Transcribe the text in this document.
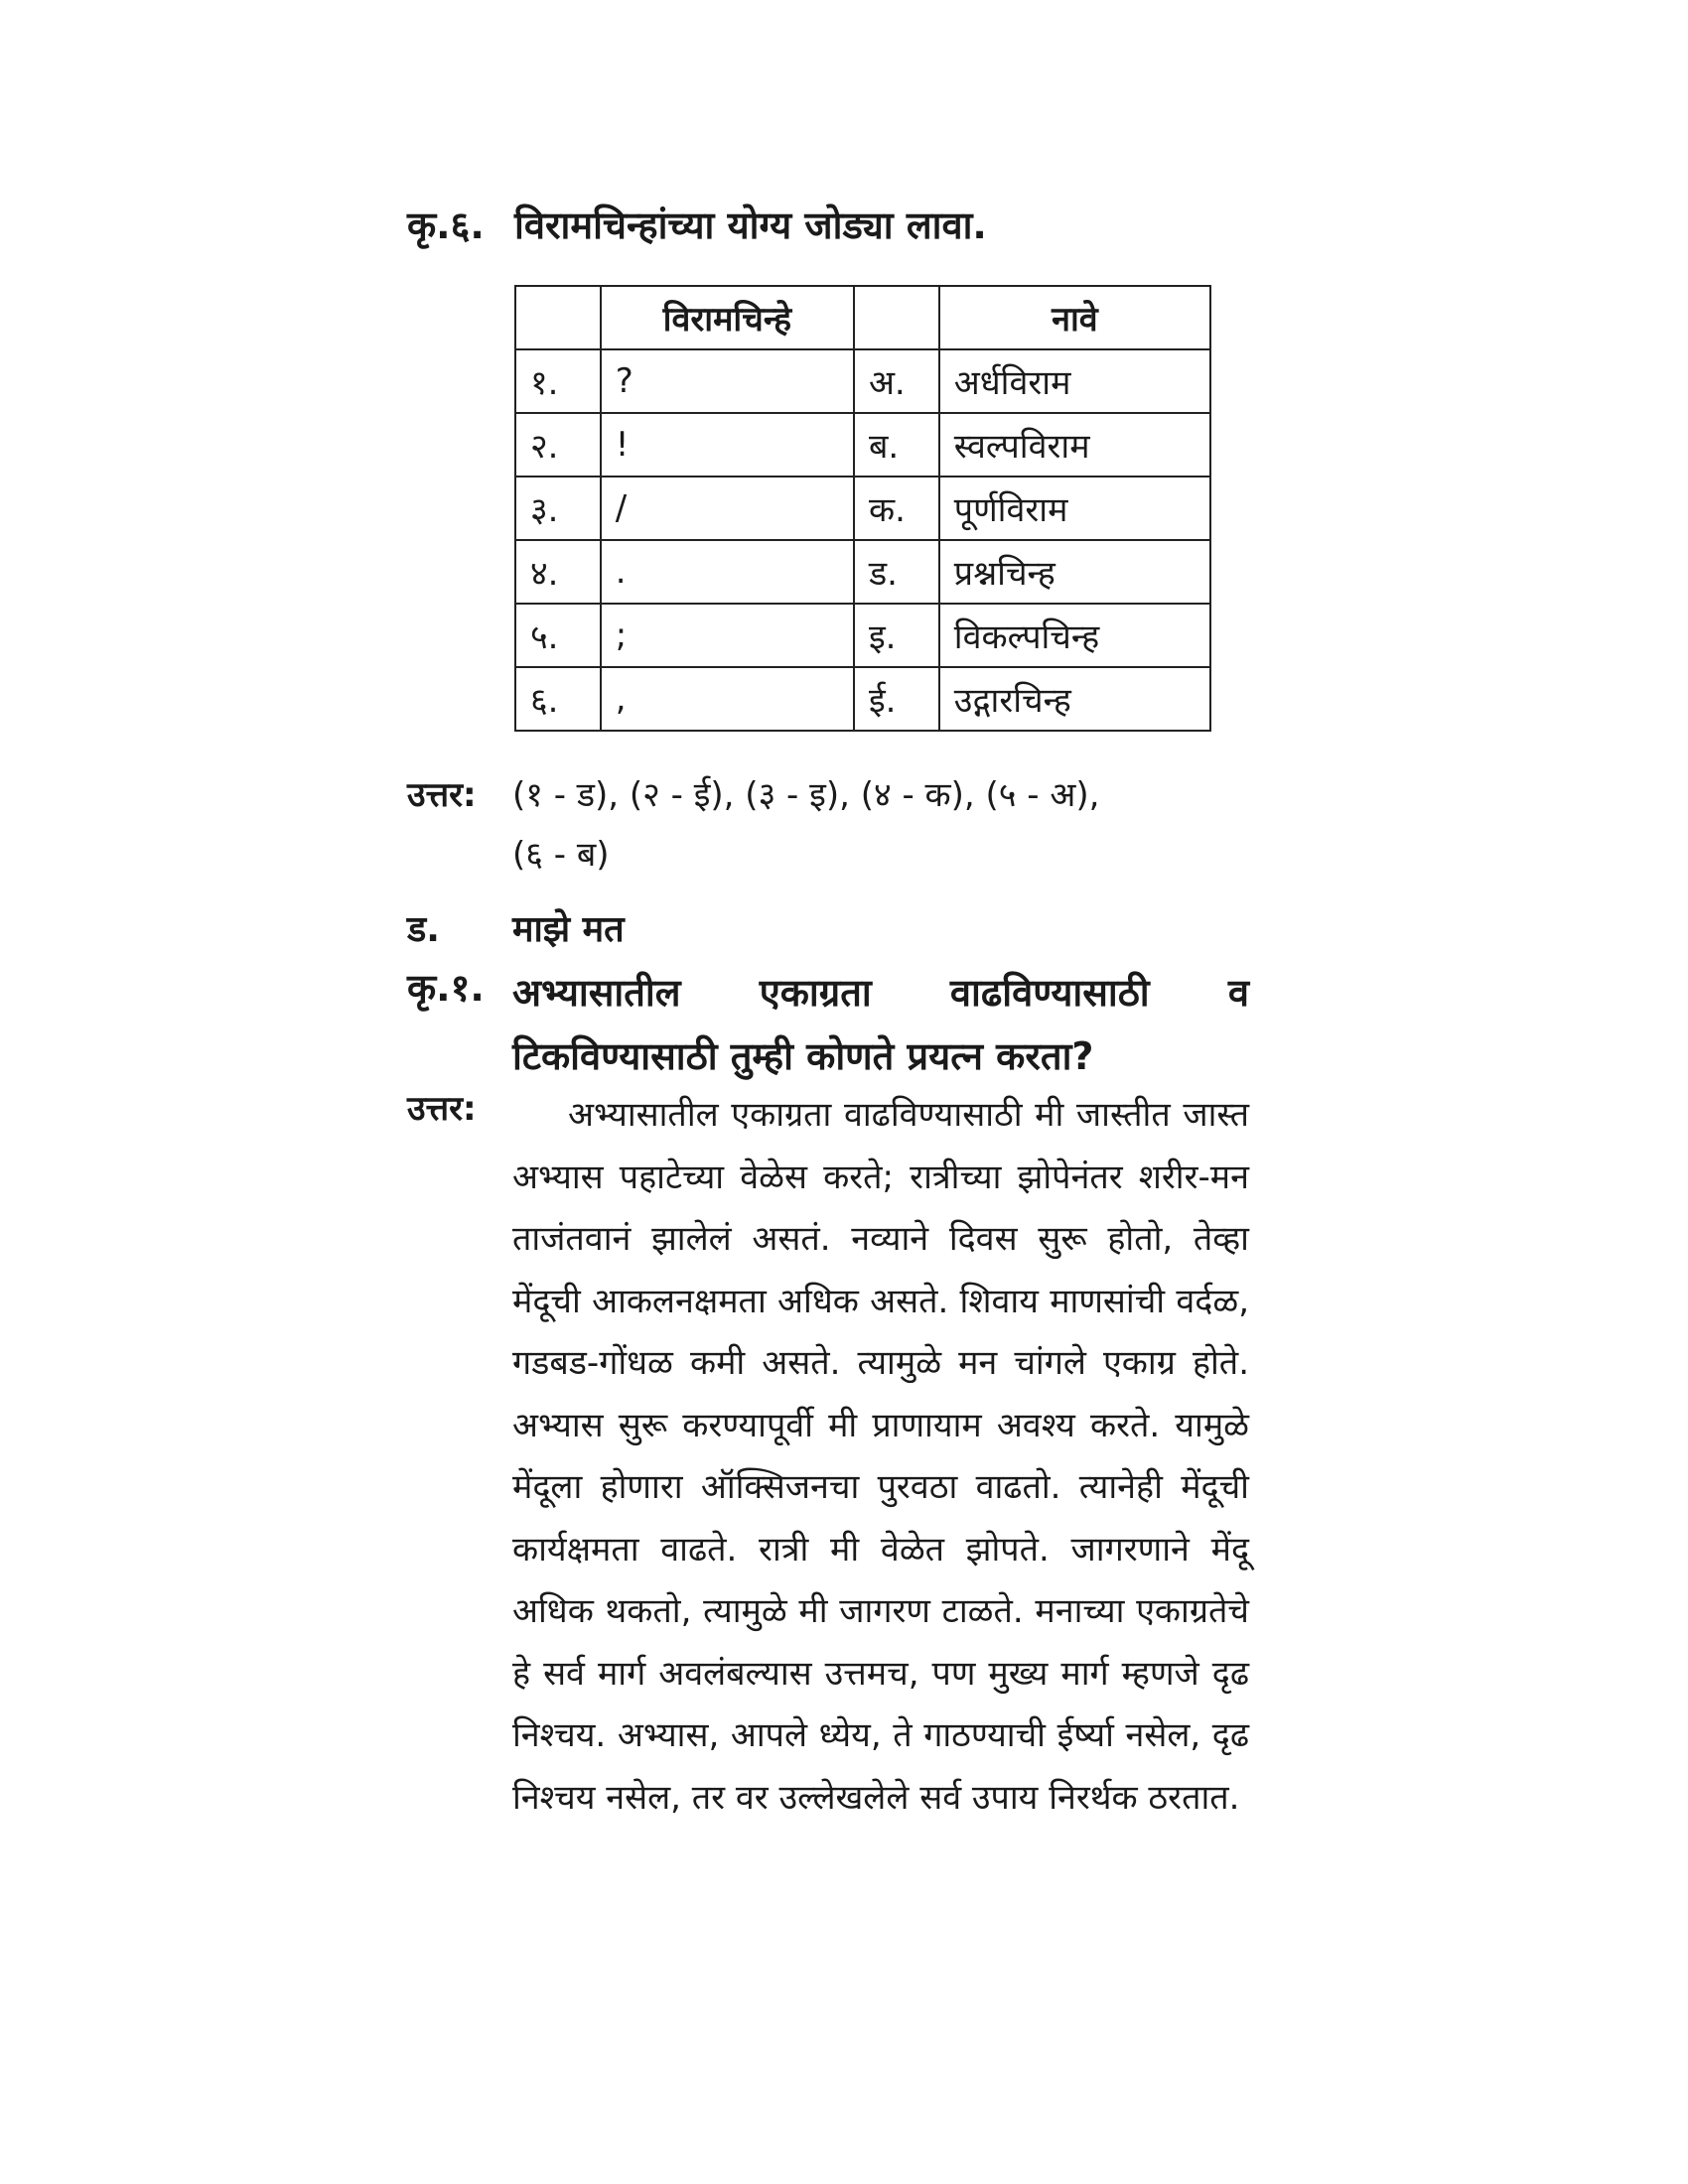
कृ.६. विरामचिन्हांच्या योग्य जोड्या लावा.
	विरामचिन्हे		नावे
१.	?	अ.	अर्धविराम
२.	!	ब.	स्वल्पविराम
३.	/	क.	पूर्णविराम
४.	.	ड.	प्रश्नचिन्ह
५.	;	इ.	विकल्पचिन्ह
६.	,	ई.	उद्गारचिन्ह
उत्तर: (१ - ड), (२ - ई), (३ - इ), (४ - क), (५ - अ),
(६ - ब)
ड. माझे मत
कृ.१. अभ्यासातील एकाग्रता वाढविण्यासाठी व
टिकविण्यासाठी तुम्ही कोणते प्रयत्न करता?
उत्तर:	अभ्यासातील एकाग्रता वाढविण्यासाठी मी जास्तीत जास्त अभ्यास पहाटेच्या वेळेस करते; रात्रीच्या झोपेनंतर शरीर-मन ताजंतवानं झालेलं असतं. नव्याने दिवस सुरू होतो, तेव्हा मेंदूची आकलनक्षमता अधिक असते. शिवाय माणसांची वर्दळ, गडबड-गोंधळ कमी असते. त्यामुळे मन चांगले एकाग्र होते. अभ्यास सुरू करण्यापूर्वी मी प्राणायाम अवश्य करते. यामुळे मेंदूला होणारा ऑक्सिजनचा पुरवठा वाढतो. त्यानेही मेंदूची कार्यक्षमता वाढते. रात्री मी वेळेत झोपते. जागरणाने मेंदू अधिक थकतो, त्यामुळे मी जागरण टाळते. मनाच्या एकाग्रतेचे हे सर्व मार्ग अवलंबल्यास उत्तमच, पण मुख्य मार्ग म्हणजे दृढ निश्चय. अभ्यास, आपले ध्येय, ते गाठण्याची ईर्ष्या नसेल, दृढ निश्चय नसेल, तर वर उल्लेखलेले सर्व उपाय निरर्थक ठरतात.
